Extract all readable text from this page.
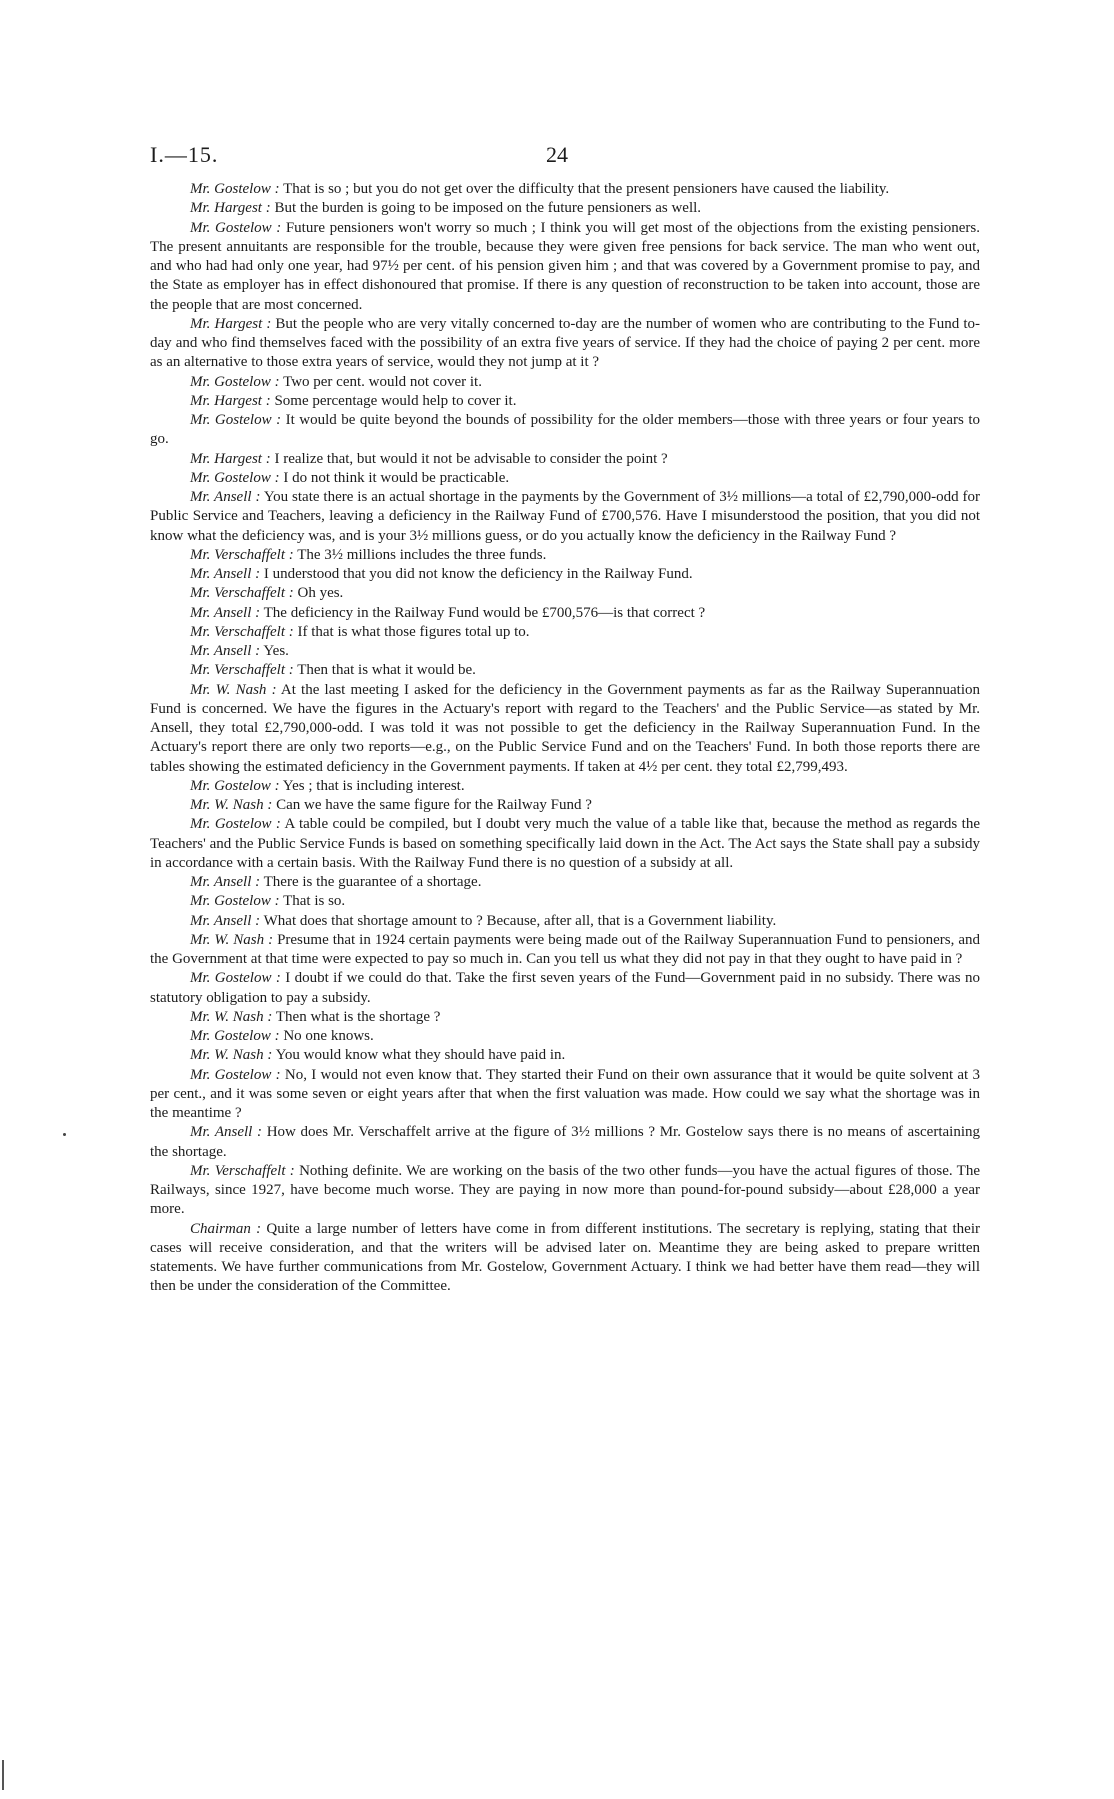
I.—15.	24

Mr. Gostelow : That is so ; but you do not get over the difficulty that the present pensioners have caused the liability.

Mr. Hargest : But the burden is going to be imposed on the future pensioners as well.

Mr. Gostelow : Future pensioners won't worry so much ; I think you will get most of the objections from the existing pensioners. The present annuitants are responsible for the trouble, because they were given free pensions for back service. The man who went out, and who had had only one year, had 97½ per cent. of his pension given him ; and that was covered by a Government promise to pay, and the State as employer has in effect dishonoured that promise. If there is any question of reconstruction to be taken into account, those are the people that are most concerned.

Mr. Hargest : But the people who are very vitally concerned to-day are the number of women who are contributing to the Fund to-day and who find themselves faced with the possibility of an extra five years of service. If they had the choice of paying 2 per cent. more as an alternative to those extra years of service, would they not jump at it ?

Mr. Gostelow : Two per cent. would not cover it.

Mr. Hargest : Some percentage would help to cover it.

Mr. Gostelow : It would be quite beyond the bounds of possibility for the older members—those with three years or four years to go.

Mr. Hargest : I realize that, but would it not be advisable to consider the point ?

Mr. Gostelow : I do not think it would be practicable.

Mr. Ansell : You state there is an actual shortage in the payments by the Government of 3½ millions—a total of £2,790,000-odd for Public Service and Teachers, leaving a deficiency in the Railway Fund of £700,576. Have I misunderstood the position, that you did not know what the deficiency was, and is your 3½ millions guess, or do you actually know the deficiency in the Railway Fund ?

Mr. Verschaffelt : The 3½ millions includes the three funds.

Mr. Ansell : I understood that you did not know the deficiency in the Railway Fund.

Mr. Verschaffelt : Oh yes.

Mr. Ansell : The deficiency in the Railway Fund would be £700,576—is that correct ?

Mr. Verschaffelt : If that is what those figures total up to.

Mr. Ansell : Yes.

Mr. Verschaffelt : Then that is what it would be.

Mr. W. Nash : At the last meeting I asked for the deficiency in the Government payments as far as the Railway Superannuation Fund is concerned. We have the figures in the Actuary's report with regard to the Teachers' and the Public Service—as stated by Mr. Ansell, they total £2,790,000-odd. I was told it was not possible to get the deficiency in the Railway Superannuation Fund. In the Actuary's report there are only two reports—e.g., on the Public Service Fund and on the Teachers' Fund. In both those reports there are tables showing the estimated deficiency in the Government payments. If taken at 4½ per cent. they total £2,799,493.

Mr. Gostelow : Yes ; that is including interest.

Mr. W. Nash : Can we have the same figure for the Railway Fund ?

Mr. Gostelow : A table could be compiled, but I doubt very much the value of a table like that, because the method as regards the Teachers' and the Public Service Funds is based on something specifically laid down in the Act. The Act says the State shall pay a subsidy in accordance with a certain basis. With the Railway Fund there is no question of a subsidy at all.

Mr. Ansell : There is the guarantee of a shortage.

Mr. Gostelow : That is so.

Mr. Ansell : What does that shortage amount to ? Because, after all, that is a Government liability.

Mr. W. Nash : Presume that in 1924 certain payments were being made out of the Railway Superannuation Fund to pensioners, and the Government at that time were expected to pay so much in. Can you tell us what they did not pay in that they ought to have paid in ?

Mr. Gostelow : I doubt if we could do that. Take the first seven years of the Fund—Government paid in no subsidy. There was no statutory obligation to pay a subsidy.

Mr. W. Nash : Then what is the shortage ?

Mr. Gostelow : No one knows.

Mr. W. Nash : You would know what they should have paid in.

Mr. Gostelow : No, I would not even know that. They started their Fund on their own assurance that it would be quite solvent at 3 per cent., and it was some seven or eight years after that when the first valuation was made. How could we say what the shortage was in the meantime ?

Mr. Ansell : How does Mr. Verschaffelt arrive at the figure of 3½ millions ? Mr. Gostelow says there is no means of ascertaining the shortage.

Mr. Verschaffelt : Nothing definite. We are working on the basis of the two other funds—you have the actual figures of those. The Railways, since 1927, have become much worse. They are paying in now more than pound-for-pound subsidy—about £28,000 a year more.

Chairman : Quite a large number of letters have come in from different institutions. The secretary is replying, stating that their cases will receive consideration, and that the writers will be advised later on. Meantime they are being asked to prepare written statements. We have further communications from Mr. Gostelow, Government Actuary. I think we had better have them read—they will then be under the consideration of the Committee.
